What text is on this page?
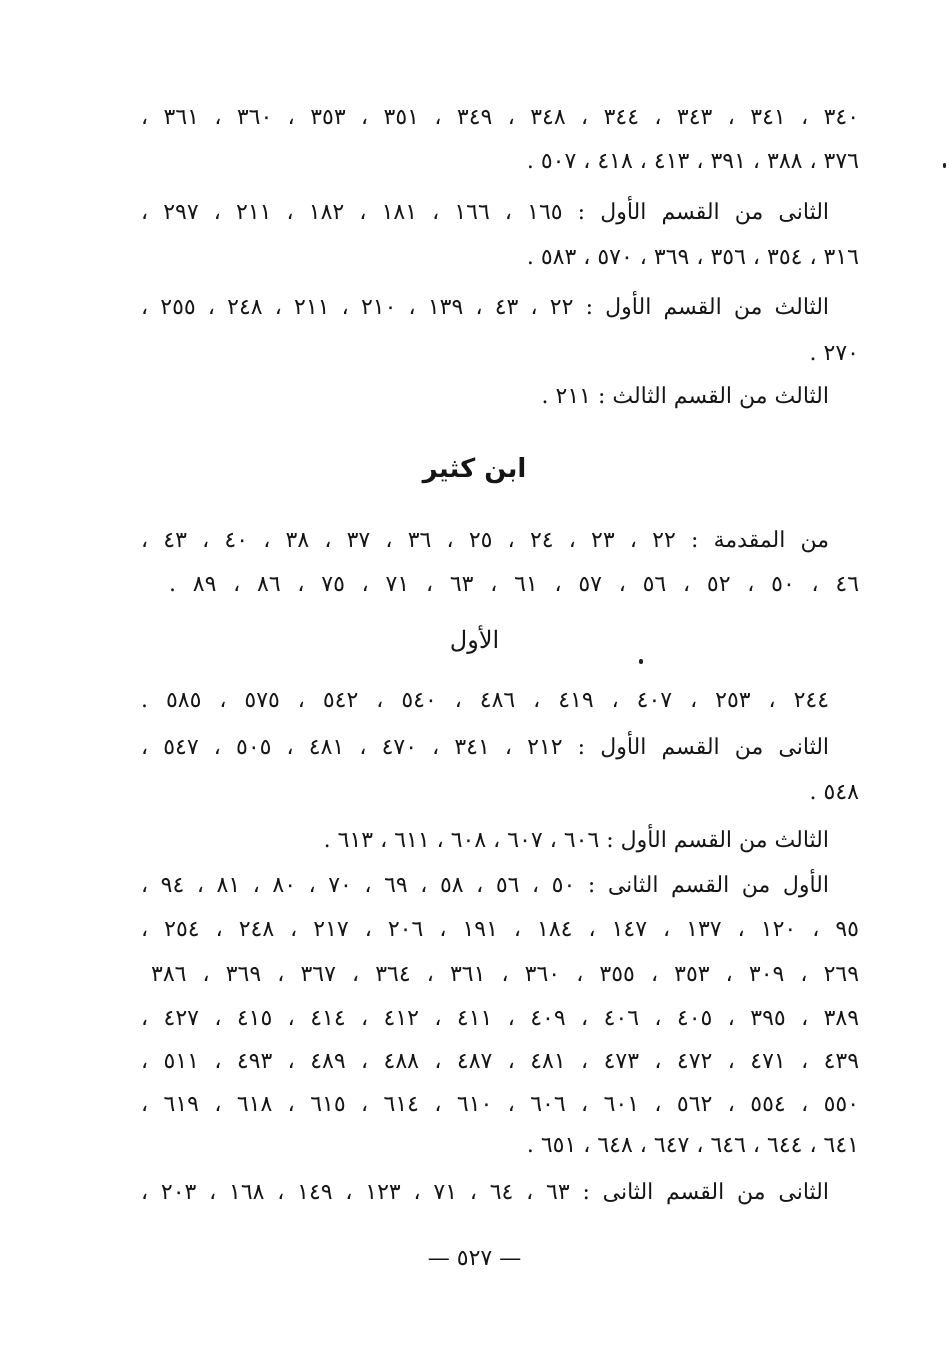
٣٤٠ ، ٣٤١ ، ٣٤٣ ، ٣٤٤ ، ٣٤٨ ، ٣٤٩ ، ٣٥١ ، ٣٥٣ ، ٣٦٠ ، ٣٦١ ،
٣٧٦ ، ٣٨٨ ، ٣٩١ ، ٤١٣ ، ٤١٨ ، ٥٠٧ .
الثانى من القسم الأول : ١٦٥ ، ١٦٦ ، ١٨١ ، ١٨٢ ، ٢١١ ، ٢٩٧ ،
٣١٦ ، ٣٥٤ ، ٣٥٦ ، ٣٦٩ ، ٥٧٠ ، ٥٨٣ .
الثالث من القسم الأول : ٢٢ ، ٤٣ ، ١٣٩ ، ٢١٠ ، ٢١١ ، ٢٤٨ ، ٢٥٥ ،
٢٧٠ .
الثالث من القسم الثالث : ٢١١ .
ابن كثير
من المقدمة : ٢٢ ، ٢٣ ، ٢٤ ، ٢٥ ، ٣٦ ، ٣٧ ، ٣٨ ، ٤٠ ، ٤٣ ،
٤٦ ، ٥٠ ، ٥٢ ، ٥٦ ، ٥٧ ، ٦١ ، ٦٣ ، ٧١ ، ٧٥ ، ٨٦ ، ٨٩ .
الأول
٢٤٤ ، ٢٥٣ ، ٤٠٧ ، ٤١٩ ، ٤٨٦ ، ٥٤٠ ، ٥٤٢ ، ٥٧٥ ، ٥٨٥ .
الثانى من القسم الأول : ٢١٢ ، ٣٤١ ، ٤٧٠ ، ٤٨١ ، ٥٠٥ ، ٥٤٧ ،
٥٤٨ .
الثالث من القسم الأول : ٦٠٦ ، ٦٠٧ ، ٦٠٨ ، ٦١١ ، ٦١٣ .
الأول من القسم الثانى : ٥٠ ، ٥٦ ، ٥٨ ، ٦٩ ، ٧٠ ، ٨٠ ، ٨١ ، ٩٤ ،
٩٥ ، ١٢٠ ، ١٣٧ ، ١٤٧ ، ١٨٤ ، ١٩١ ، ٢٠٦ ، ٢١٧ ، ٢٤٨ ، ٢٥٤ ،
٢٦٩ ، ٣٠٩ ، ٣٥٣ ، ٣٥٥ ، ٣٦٠ ، ٣٦١ ، ٣٦٤ ، ٣٦٧ ، ٣٦٩ ، ٣٨٦
٣٨٩ ، ٣٩٥ ، ٤٠٥ ، ٤٠٦ ، ٤٠٩ ، ٤١١ ، ٤١٢ ، ٤١٤ ، ٤١٥ ، ٤٢٧ ،
٤٣٩ ، ٤٧١ ، ٤٧٢ ، ٤٧٣ ، ٤٨١ ، ٤٨٧ ، ٤٨٨ ، ٤٨٩ ، ٤٩٣ ، ٥١١ ،
٥٥٠ ، ٥٥٤ ، ٥٦٢ ، ٦٠١ ، ٦٠٦ ، ٦١٠ ، ٦١٤ ، ٦١٥ ، ٦١٨ ، ٦١٩ ،
٦٤١ ، ٦٤٤ ، ٦٤٦ ، ٦٤٧ ، ٦٤٨ ، ٦٥١ .
الثانى من القسم الثانى : ٦٣ ، ٦٤ ، ٧١ ، ١٢٣ ، ١٤٩ ، ١٦٨ ، ٢٠٣ ،
— ٥٢٧ —
